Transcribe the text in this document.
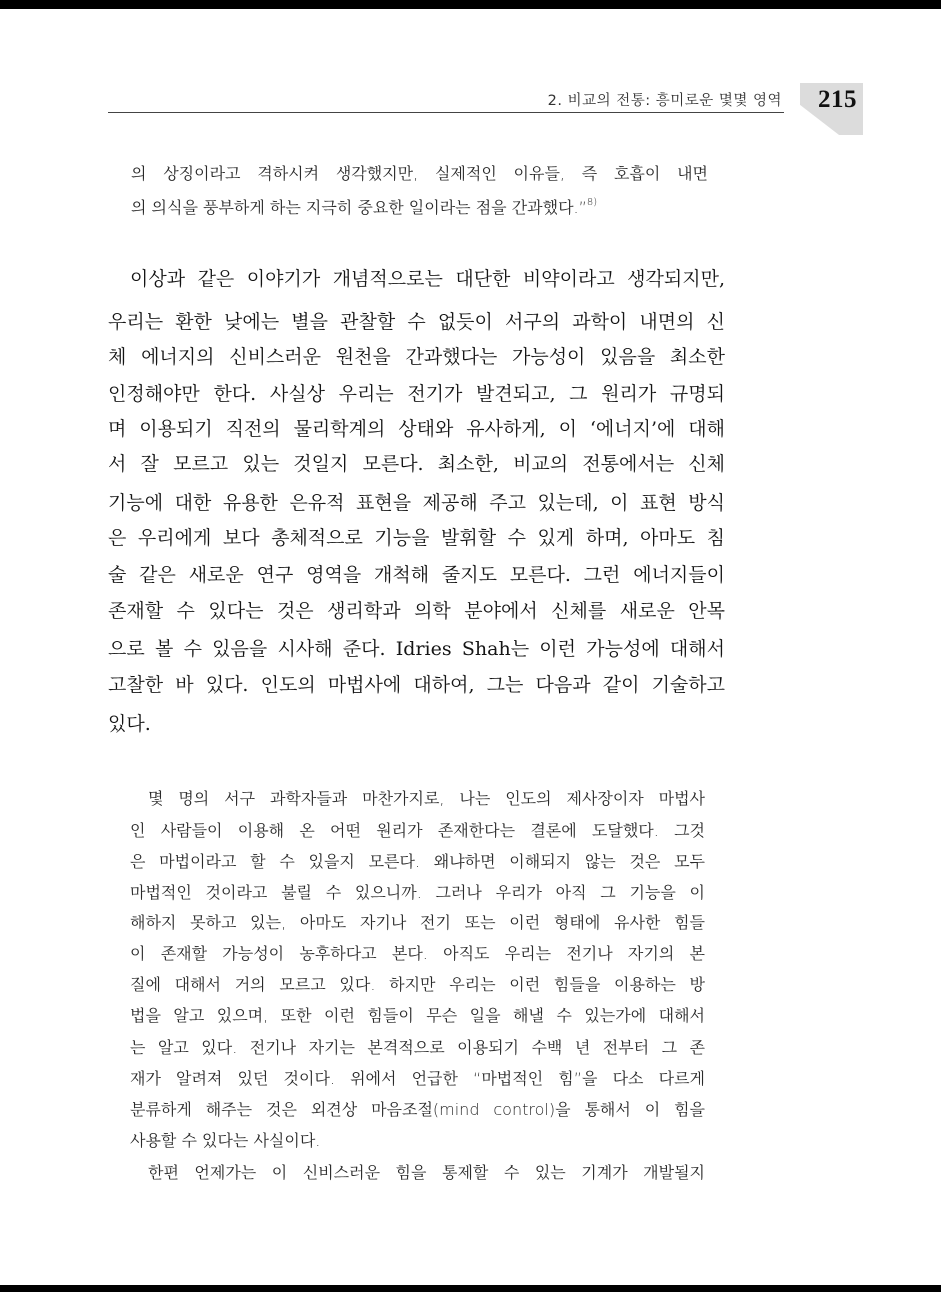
2. 비교의 전통: 흥미로운 몇몇 영역 215
의 상징이라고 격하시켜 생각했지만, 실제적인 이유들, 즉 호흡이 내면
의 의식을 풍부하게 하는 지극히 중요한 일이라는 점을 간과했다.”$^{8)}$
이상과 같은 이야기가 개념적으로는 대단한 비약이라고 생각되지만,
우리는 환한 낮에는 별을 관찰할 수 없듯이 서구의 과학이 내면의 신
체 에너지의 신비스러운 원천을 간과했다는 가능성이 있음을 최소한
인정해야만 한다. 사실상 우리는 전기가 발견되고, 그 원리가 규명되
며 이용되기 직전의 물리학계의 상태와 유사하게, 이 ‘에너지’에 대해
서 잘 모르고 있는 것일지 모른다. 최소한, 비교의 전통에서는 신체
기능에 대한 유용한 은유적 표현을 제공해 주고 있는데, 이 표현 방식
은 우리에게 보다 총체적으로 기능을 발휘할 수 있게 하며, 아마도 침
술 같은 새로운 연구 영역을 개척해 줄지도 모른다. 그런 에너지들이
존재할 수 있다는 것은 생리학과 의학 분야에서 신체를 새로운 안목
으로 볼 수 있음을 시사해 준다. Idries Shah는 이런 가능성에 대해서
고찰한 바 있다. 인도의 마법사에 대하여, 그는 다음과 같이 기술하고
있다.
몇 명의 서구 과학자들과 마찬가지로, 나는 인도의 제사장이자 마법사
인 사람들이 이용해 온 어떤 원리가 존재한다는 결론에 도달했다. 그것
은 마법이라고 할 수 있을지 모른다. 왜냐하면 이해되지 않는 것은 모두
마법적인 것이라고 불릴 수 있으니까. 그러나 우리가 아직 그 기능을 이
해하지 못하고 있는, 아마도 자기나 전기 또는 이런 형태에 유사한 힘들
이 존재할 가능성이 농후하다고 본다. 아직도 우리는 전기나 자기의 본
질에 대해서 거의 모르고 있다. 하지만 우리는 이런 힘들을 이용하는 방
법을 알고 있으며, 또한 이런 힘들이 무슨 일을 해낼 수 있는가에 대해서
는 알고 있다. 전기나 자기는 본격적으로 이용되기 수백 년 전부터 그 존
재가 알려져 있던 것이다. 위에서 언급한 “마법적인 힘”을 다소 다르게
분류하게 해주는 것은 외견상 마음조절(mind control)을 통해서 이 힘을
사용할 수 있다는 사실이다.
한편 언제가는 이 신비스러운 힘을 통제할 수 있는 기계가 개발될지
